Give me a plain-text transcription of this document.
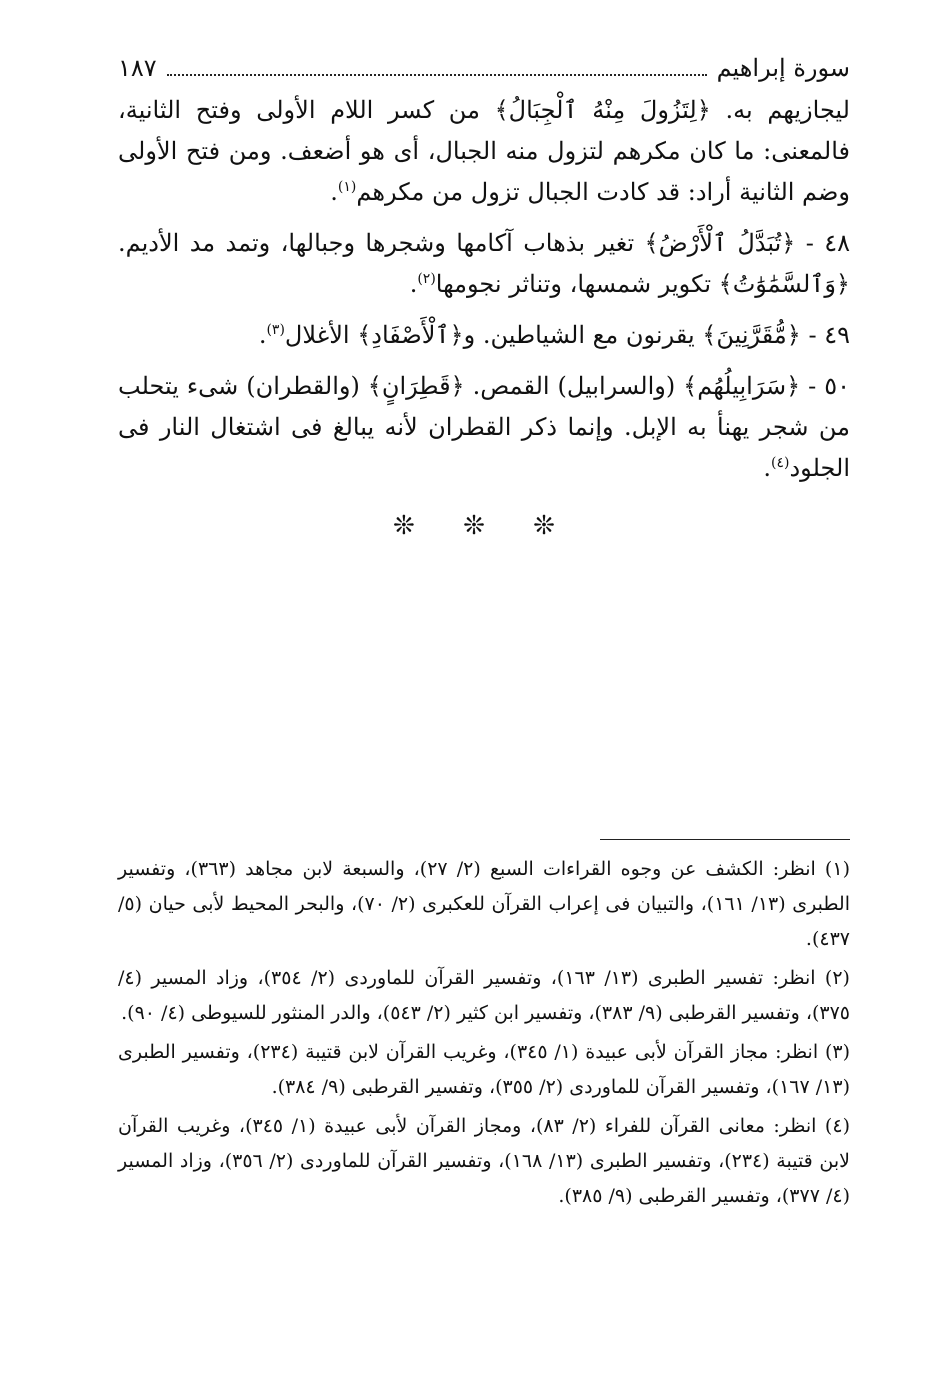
سورة إبراهيم
١٨٧

ليجازيهم به. ﴿لِتَزُولَ مِنْهُ ٱلْجِبَالُ﴾ من كسر اللام الأولى وفتح الثانية، فالمعنى: ما كان مكرهم لتزول منه الجبال، أى هو أضعف. ومن فتح الأولى وضم الثانية أراد: قد كادت الجبال تزول من مكرهم$^{(١)}$.

٤٨ - ﴿تُبَدَّلُ ٱلْأَرْضُ﴾ تغير بذهاب آكامها وشجرها وجبالها، وتمد مد الأديم. ﴿وَٱلسَّمَٰوَٰتُ﴾ تكوير شمسها، وتناثر نجومها$^{(٢)}$.

٤٩ - ﴿مُّقَرَّنِينَ﴾ يقرنون مع الشياطين. و﴿ٱلْأَصْفَادِ﴾ الأغلال$^{(٣)}$.

٥٠ - ﴿سَرَابِيلُهُم﴾ (والسرابيل) القمص. ﴿قَطِرَانٍ﴾ (والقطران) شىء يتحلب من شجر يهنأ به الإبل. وإنما ذكر القطران لأنه يبالغ فى اشتغال النار فى الجلود$^{(٤)}$.

❊ ❊ ❊

(١) انظر: الكشف عن وجوه القراءات السبع (٢/ ٢٧)، والسبعة لابن مجاهد (٣٦٣)، وتفسير الطبرى (١٣/ ١٦١)، والتبيان فى إعراب القرآن للعكبرى (٢/ ٧٠)، والبحر المحيط لأبى حيان (٥/ ٤٣٧).

(٢) انظر: تفسير الطبرى (١٣/ ١٦٣)، وتفسير القرآن للماوردى (٢/ ٣٥٤)، وزاد المسير (٤/ ٣٧٥)، وتفسير القرطبى (٩/ ٣٨٣)، وتفسير ابن كثير (٢/ ٥٤٣)، والدر المنثور للسيوطى (٤/ ٩٠).

(٣) انظر: مجاز القرآن لأبى عبيدة (١/ ٣٤٥)، وغريب القرآن لابن قتيبة (٢٣٤)، وتفسير الطبرى (١٣/ ١٦٧)، وتفسير القرآن للماوردى (٢/ ٣٥٥)، وتفسير القرطبى (٩/ ٣٨٤).

(٤) انظر: معانى القرآن للفراء (٢/ ٨٣)، ومجاز القرآن لأبى عبيدة (١/ ٣٤٥)، وغريب القرآن لابن قتيبة (٢٣٤)، وتفسير الطبرى (١٣/ ١٦٨)، وتفسير القرآن للماوردى (٢/ ٣٥٦)، وزاد المسير (٤/ ٣٧٧)، وتفسير القرطبى (٩/ ٣٨٥).
